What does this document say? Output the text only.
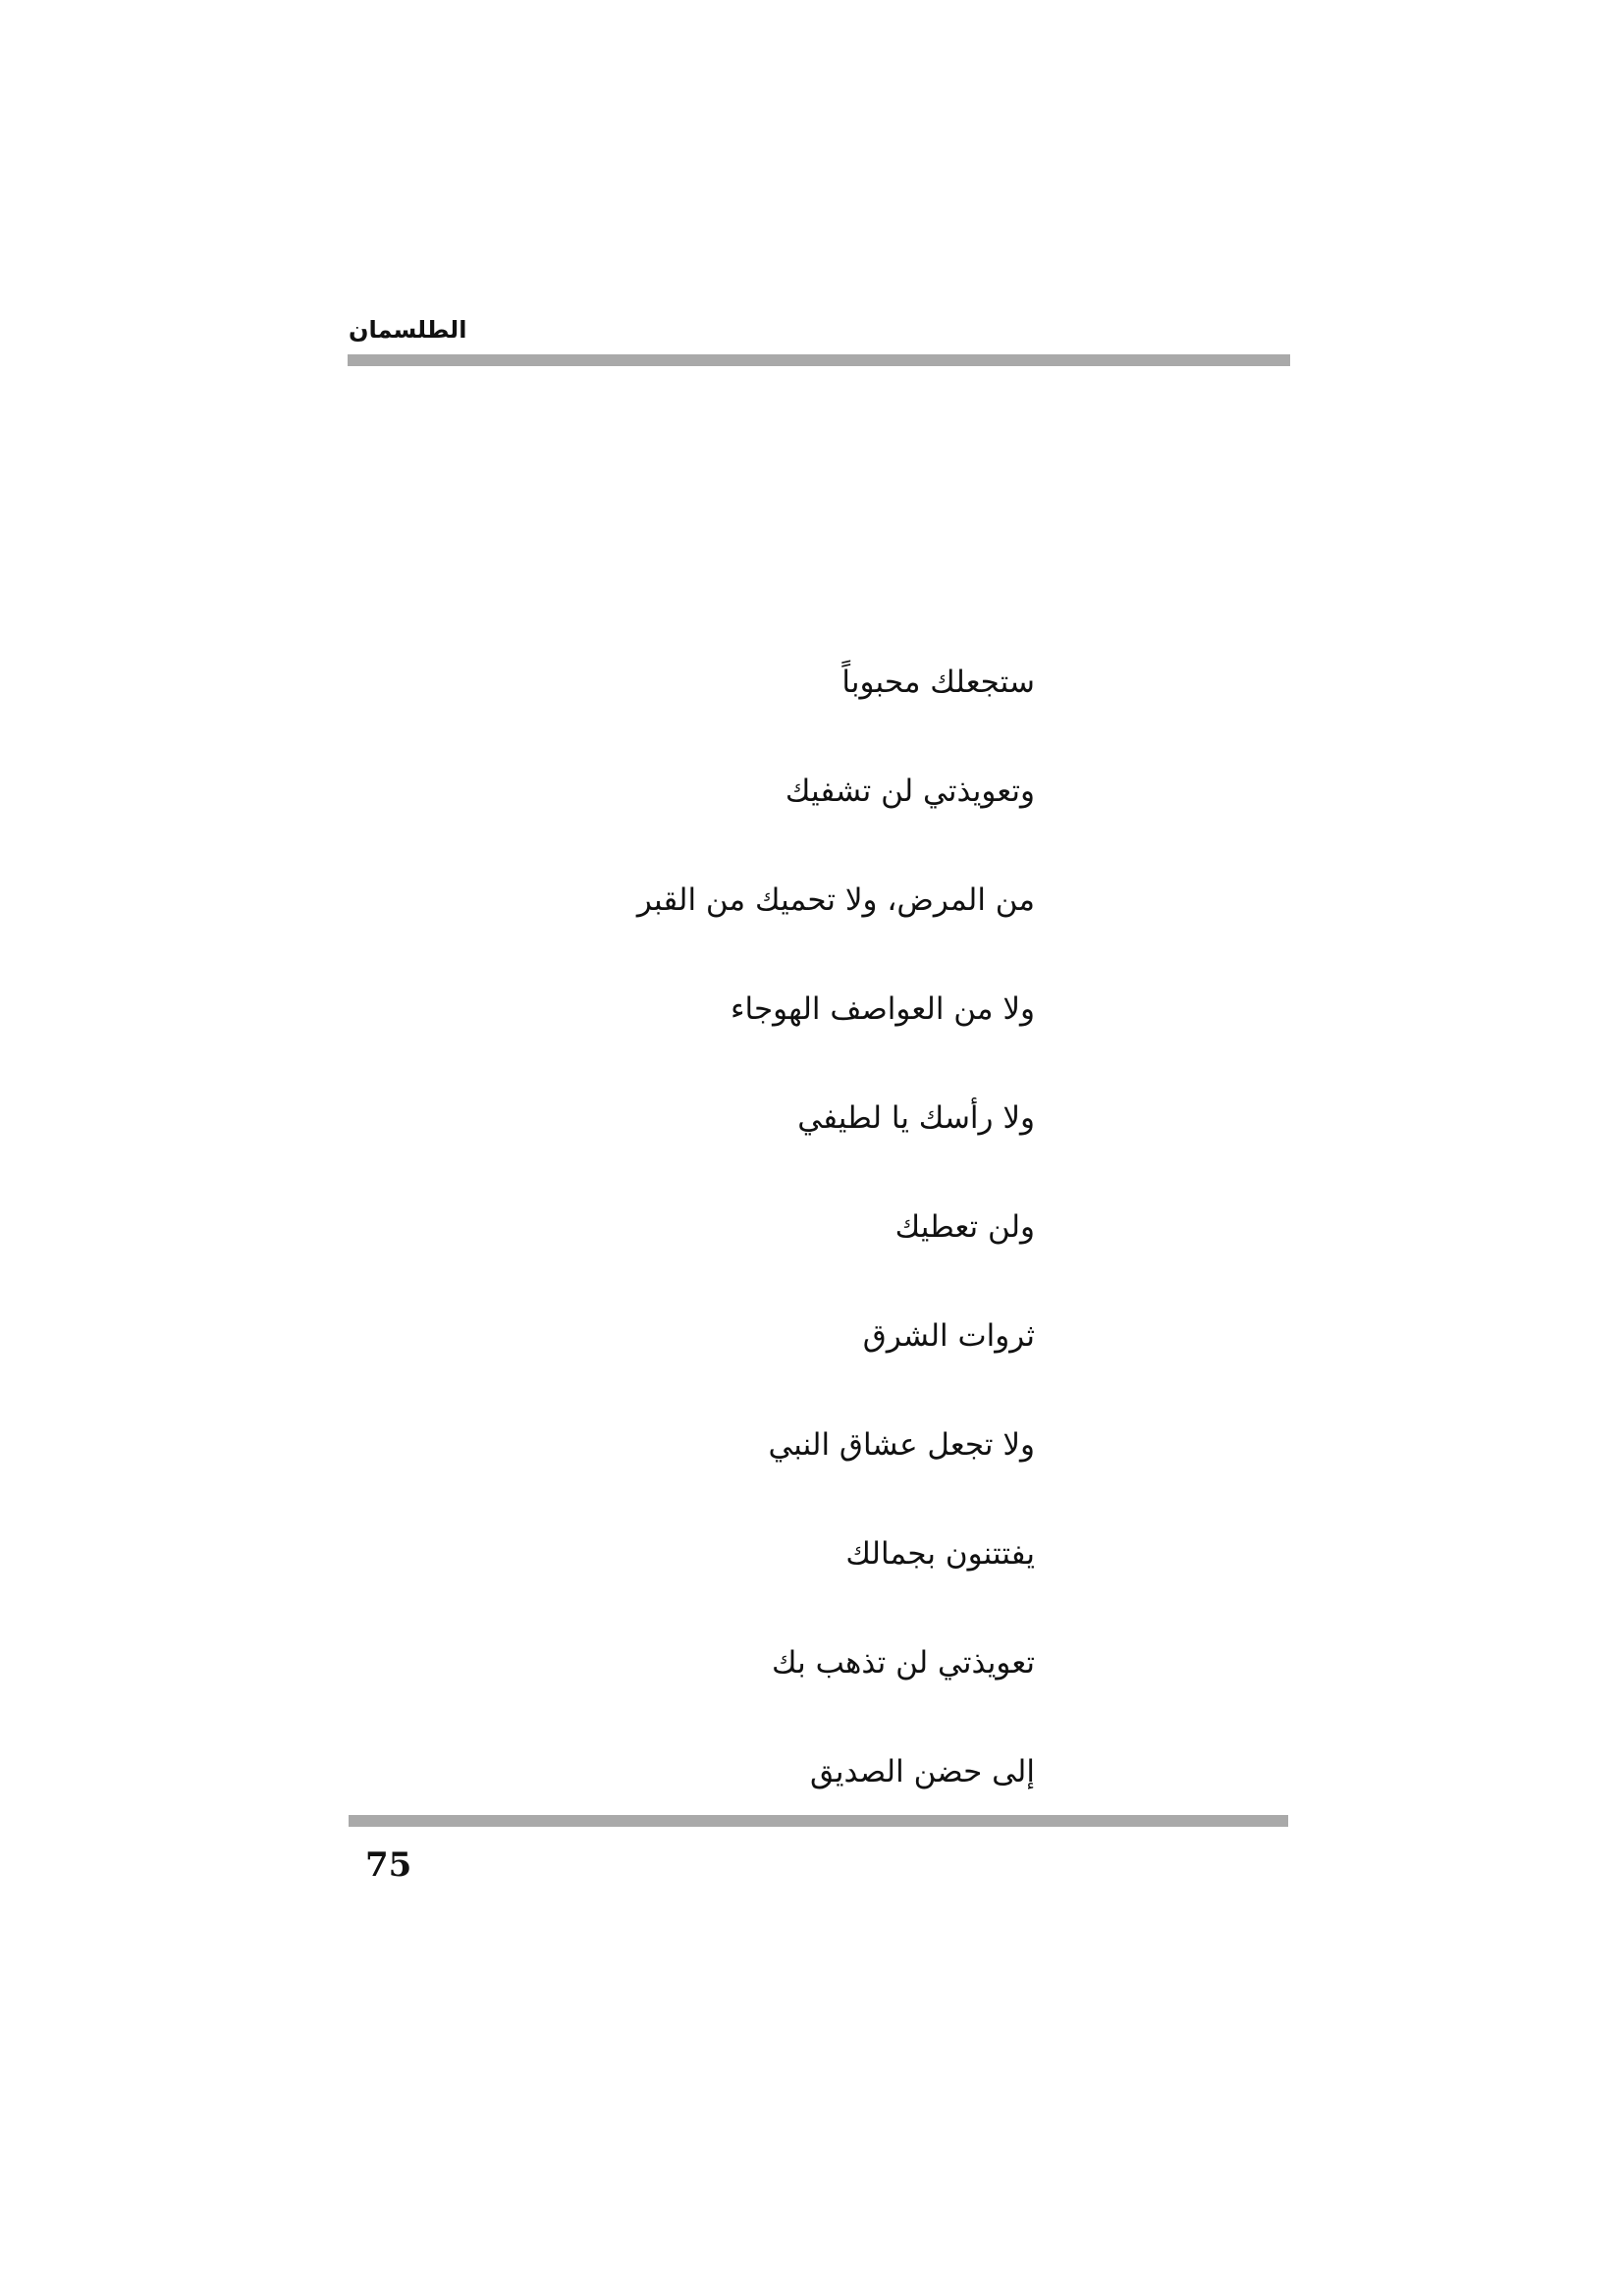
الطلسمان
ستجعلك محبوباً
وتعويذتي لن تشفيك
من المرض، ولا تحميك من القبر
ولا من العواصف الهوجاء
ولا رأسك يا لطيفي
ولن تعطيك
ثروات الشرق
ولا تجعل عشاق النبي
يفتتنون بجمالك
تعويذتي لن تذهب بك
إلى حضن الصديق
75
